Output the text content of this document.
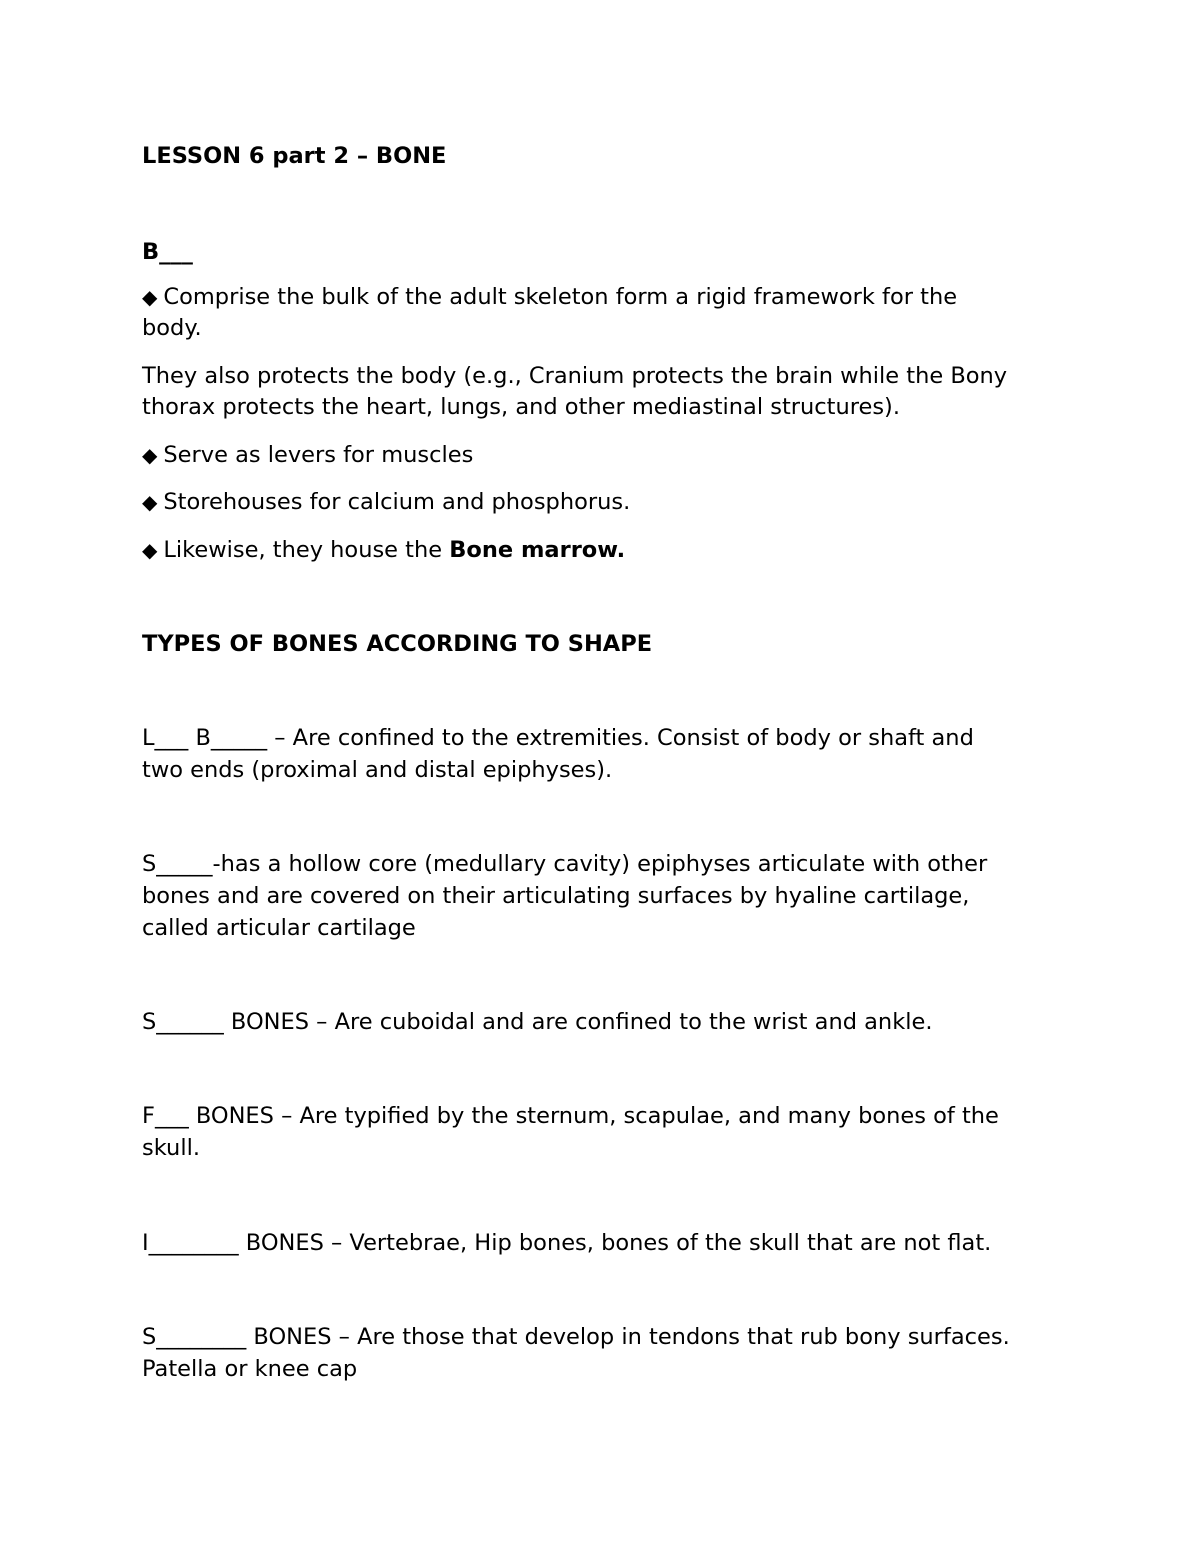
LESSON 6 part 2 – BONE

B___

◆ Comprise the bulk of the adult skeleton form a rigid framework for the

body.

They also protects the body (e.g., Cranium protects the brain while the Bony

thorax protects the heart, lungs, and other mediastinal structures).

◆ Serve as levers for muscles

◆ Storehouses for calcium and phosphorus.

◆ Likewise, they house the Bone marrow.

TYPES OF BONES ACCORDING TO SHAPE

L___ B_____ – Are confined to the extremities. Consist of body or shaft and

two ends (proximal and distal epiphyses).

S_____-has a hollow core (medullary cavity) epiphyses articulate with other

bones and are covered on their articulating surfaces by hyaline cartilage,

called articular cartilage

S______ BONES – Are cuboidal and are confined to the wrist and ankle.

F___ BONES – Are typified by the sternum, scapulae, and many bones of the

skull.

I________ BONES – Vertebrae, Hip bones, bones of the skull that are not flat.

S________ BONES – Are those that develop in tendons that rub bony surfaces.

Patella or knee cap
